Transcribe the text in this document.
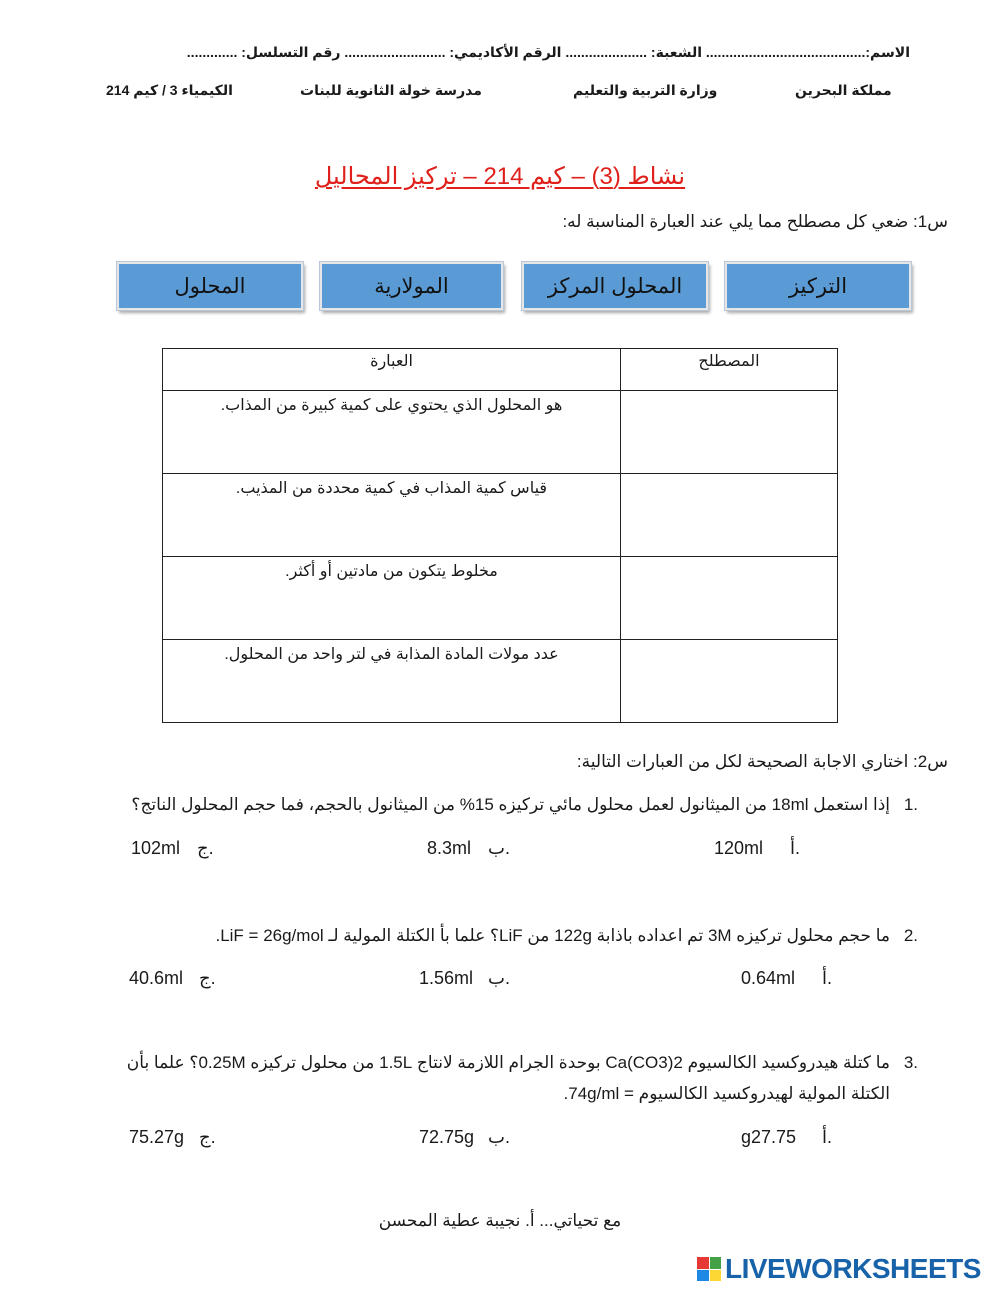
الاسم:......................................... الشعبة: ..................... الرقم الأكاديمي: .......................... رقم التسلسل: .............
مملكة البحرين
وزارة التربية والتعليم
مدرسة خولة الثانوية للبنات
الكيمياء 3 / كيم 214
نشاط (3) – كيم 214 – تركيز المحاليل
س1: ضعي كل مصطلح مما يلي عند العبارة المناسبة له:
التركيز
المحلول المركز
المولارية
المحلول
العبارة	المصطلح
هو المحلول الذي يحتوي على كمية كبيرة من المذاب.	
قياس كمية المذاب في كمية محددة من المذيب.	
مخلوط يتكون من مادتين أو أكثر.	
عدد مولات المادة المذابة في لتر واحد من المحلول.	
س2: اختاري الاجابة الصحيحة لكل من العبارات التالية:
1.
إذا استعمل 18ml من الميثانول لعمل محلول مائي تركيزه 15% من الميثانول بالحجم، فما حجم المحلول الناتج؟
أ.
120ml
ب.
8.3ml
ج.
102ml
2.
ما حجم محلول تركيزه 3M تم اعداده باذابة 122g من LiF؟ علما بأ الكتلة المولية لـ LiF = 26g/mol.
أ.
0.64ml
ب.
1.56ml
ج.
40.6ml
3.
ما كتلة هيدروكسيد الكالسيوم Ca(CO3)2 بوحدة الجرام اللازمة لانتاج 1.5L من محلول تركيزه 0.25M؟ علما بأن
الكتلة المولية لهيدروكسيد الكالسيوم = 74g/ml.
أ.
g27.75
ب.
72.75g
ج.
75.27g
مع تحياتي... أ. نجيبة عطية المحسن
LIVEWORKSHEETS
